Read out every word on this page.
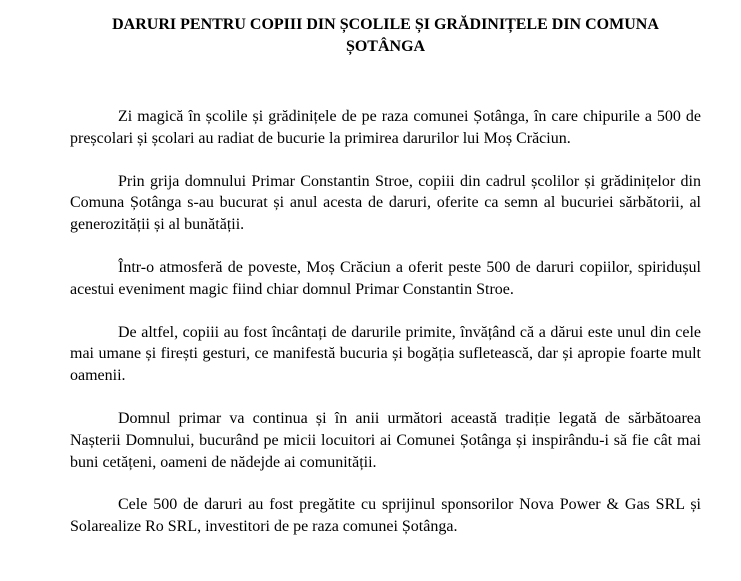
DARURI PENTRU COPIII DIN ȘCOLILE ȘI GRĂDINIȚELE DIN COMUNA ȘOTÂNGA

Zi magică în școlile și grădinițele de pe raza comunei Șotânga, în care chipurile a 500 de preșcolari și școlari au radiat de bucurie la primirea darurilor lui Moș Crăciun.

Prin grija domnului Primar Constantin Stroe, copiii din cadrul școlilor și grădinițelor din Comuna Șotânga s-au bucurat și anul acesta de daruri, oferite ca semn al bucuriei sărbătorii, al generozității și al bunătății.

Într-o atmosferă de poveste, Moș Crăciun a oferit peste 500 de daruri copiilor, spiridușul acestui eveniment magic fiind chiar domnul Primar Constantin Stroe.

De altfel, copiii au fost încântați de darurile primite, învățând că a dărui este unul din cele mai umane și firești gesturi, ce manifestă bucuria și bogăția sufletească, dar și apropie foarte mult oamenii.

Domnul primar va continua și în anii următori această tradiție legată de sărbătoarea Nașterii Domnului, bucurând pe micii locuitori ai Comunei Șotânga și inspirându-i să fie cât mai buni cetățeni, oameni de nădejde ai comunității.

Cele 500 de daruri au fost pregătite cu sprijinul sponsorilor Nova Power & Gas SRL și Solarealize Ro SRL, investitori de pe raza comunei Șotânga.
